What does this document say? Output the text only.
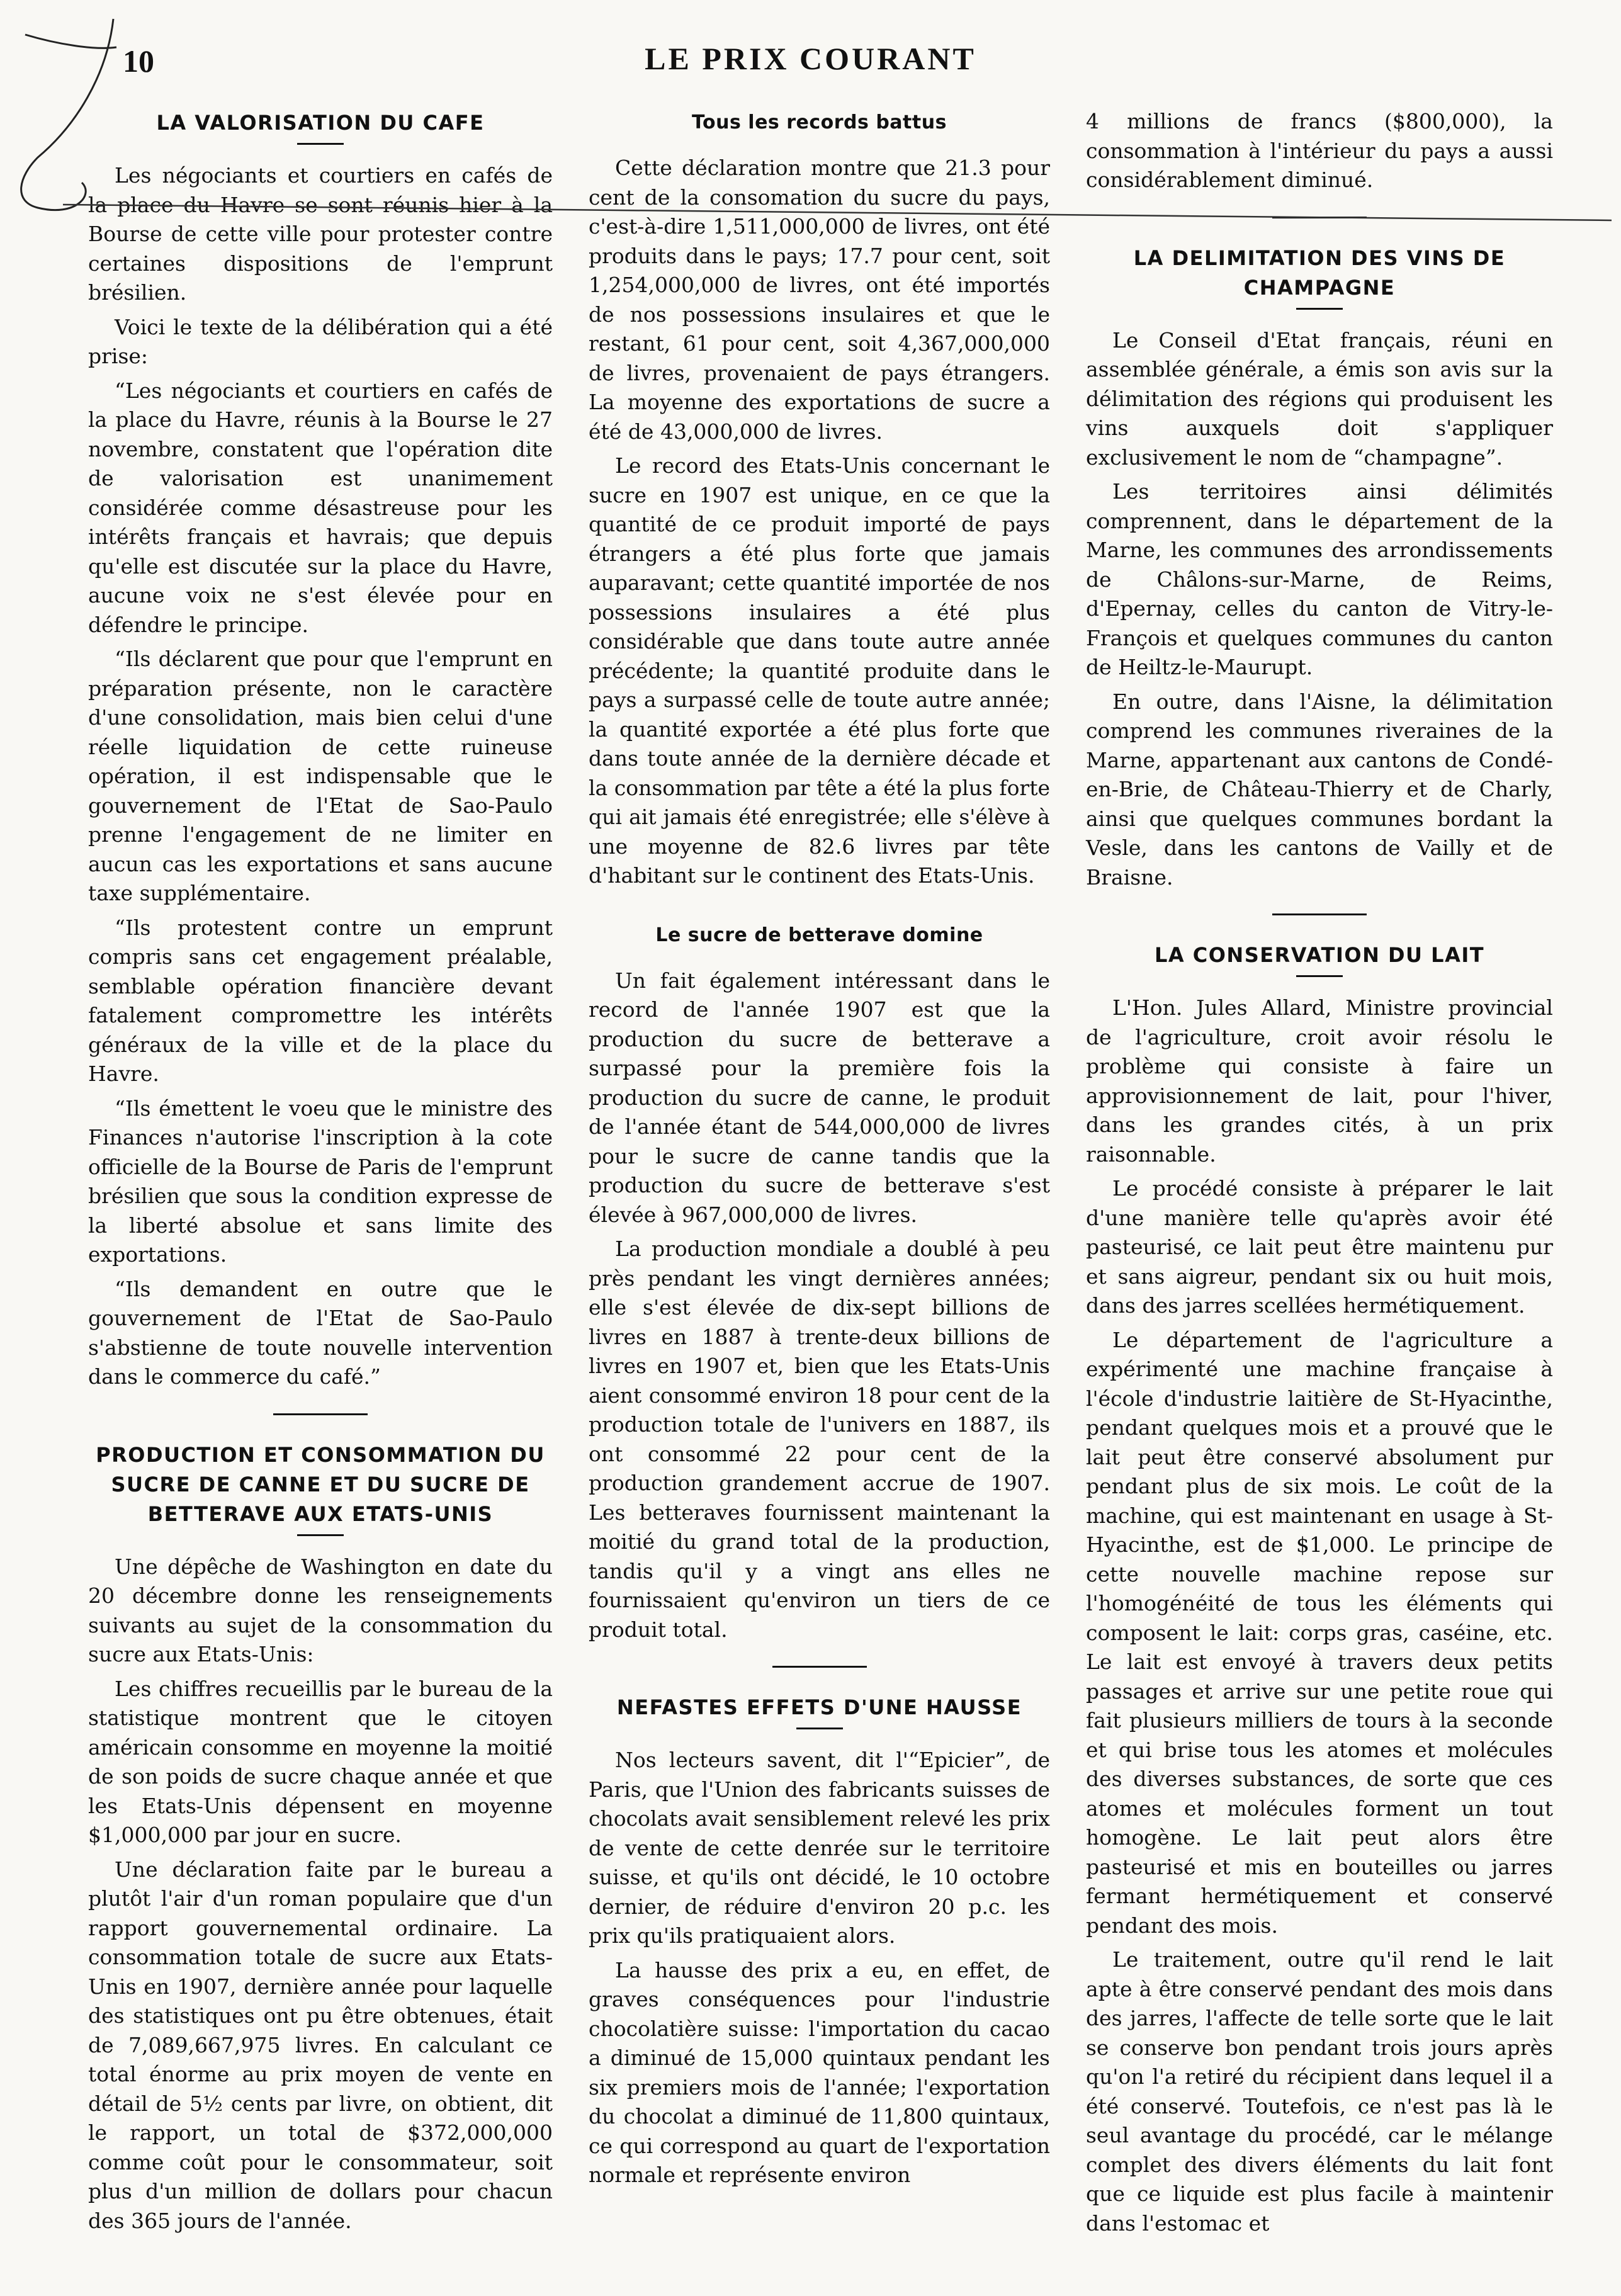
10	LE PRIX COURANT
LA VALORISATION DU CAFE

Les négociants et courtiers en cafés de la place du Havre se sont réunis hier à la Bourse de cette ville pour protester contre certaines dispositions de l'emprunt brésilien.

Voici le texte de la délibération qui a été prise:

“Les négociants et courtiers en cafés de la place du Havre, réunis à la Bourse le 27 novembre, constatent que l'opération dite de valorisation est unanimement considérée comme désastreuse pour les intérêts français et havrais; que depuis qu'elle est discutée sur la place du Havre, aucune voix ne s'est élevée pour en défendre le principe.

“Ils déclarent que pour que l'emprunt en préparation présente, non le caractère d'une consolidation, mais bien celui d'une réelle liquidation de cette ruineuse opération, il est indispensable que le gouvernement de l'Etat de Sao-Paulo prenne l'engagement de ne limiter en aucun cas les exportations et sans aucune taxe supplémentaire.

“Ils protestent contre un emprunt compris sans cet engagement préalable, semblable opération financière devant fatalement compromettre les intérêts généraux de la ville et de la place du Havre.

“Ils émettent le voeu que le ministre des Finances n'autorise l'inscription à la cote officielle de la Bourse de Paris de l'emprunt brésilien que sous la condition expresse de la liberté absolue et sans limite des exportations.

“Ils demandent en outre que le gouvernement de l'Etat de Sao-Paulo s'abstienne de toute nouvelle intervention dans le commerce du café.”

PRODUCTION ET CONSOMMATION DU SUCRE DE CANNE ET DU SUCRE DE BETTERAVE AUX ETATS-UNIS

Une dépêche de Washington en date du 20 décembre donne les renseignements suivants au sujet de la consommation du sucre aux Etats-Unis:

Les chiffres recueillis par le bureau de la statistique montrent que le citoyen américain consomme en moyenne la moitié de son poids de sucre chaque année et que les Etats-Unis dépensent en moyenne $1,000,000 par jour en sucre.

Une déclaration faite par le bureau a plutôt l'air d'un roman populaire que d'un rapport gouvernemental ordinaire. La consommation totale de sucre aux Etats-Unis en 1907, dernière année pour laquelle des statistiques ont pu être obtenues, était de 7,089,667,975 livres. En calculant ce total énorme au prix moyen de vente en détail de 5½ cents par livre, on obtient, dit le rapport, un total de $372,000,000 comme coût pour le consommateur, soit plus d'un million de dollars pour chacun des 365 jours de l'année.

Tous les records battus

Cette déclaration montre que 21.3 pour cent de la consomation du sucre du pays, c'est-à-dire 1,511,000,000 de livres, ont été produits dans le pays; 17.7 pour cent, soit 1,254,000,000 de livres, ont été importés de nos possessions insulaires et que le restant, 61 pour cent, soit 4,367,000,000 de livres, provenaient de pays étrangers. La moyenne des exportations de sucre a été de 43,000,000 de livres.

Le record des Etats-Unis concernant le sucre en 1907 est unique, en ce que la quantité de ce produit importé de pays étrangers a été plus forte que jamais auparavant; cette quantité importée de nos possessions insulaires a été plus considérable que dans toute autre année précédente; la quantité produite dans le pays a surpassé celle de toute autre année; la quantité exportée a été plus forte que dans toute année de la dernière décade et la consommation par tête a été la plus forte qui ait jamais été enregistrée; elle s'élève à une moyenne de 82.6 livres par tête d'habitant sur le continent des Etats-Unis.

Le sucre de betterave domine

Un fait également intéressant dans le record de l'année 1907 est que la production du sucre de betterave a surpassé pour la première fois la production du sucre de canne, le produit de l'année étant de 544,000,000 de livres pour le sucre de canne tandis que la production du sucre de betterave s'est élevée à 967,000,000 de livres.

La production mondiale a doublé à peu près pendant les vingt dernières années; elle s'est élevée de dix-sept billions de livres en 1887 à trente-deux billions de livres en 1907 et, bien que les Etats-Unis aient consommé environ 18 pour cent de la production totale de l'univers en 1887, ils ont consommé 22 pour cent de la production grandement accrue de 1907. Les betteraves fournissent maintenant la moitié du grand total de la production, tandis qu'il y a vingt ans elles ne fournissaient qu'environ un tiers de ce produit total.

NEFASTES EFFETS D'UNE HAUSSE

Nos lecteurs savent, dit l'“Epicier”, de Paris, que l'Union des fabricants suisses de chocolats avait sensiblement relevé les prix de vente de cette denrée sur le territoire suisse, et qu'ils ont décidé, le 10 octobre dernier, de réduire d'environ 20 p.c. les prix qu'ils pratiquaient alors.

La hausse des prix a eu, en effet, de graves conséquences pour l'industrie chocolatière suisse: l'importation du cacao a diminué de 15,000 quintaux pendant les six premiers mois de l'année; l'exportation du chocolat a diminué de 11,800 quintaux, ce qui correspond au quart de l'exportation normale et représente environ

4 millions de francs ($800,000), la consommation à l'intérieur du pays a aussi considérablement diminué.

LA DELIMITATION DES VINS DE CHAMPAGNE

Le Conseil d'Etat français, réuni en assemblée générale, a émis son avis sur la délimitation des régions qui produisent les vins auxquels doit s'appliquer exclusivement le nom de “champagne”.

Les territoires ainsi délimités comprennent, dans le département de la Marne, les communes des arrondissements de Châlons-sur-Marne, de Reims, d'Epernay, celles du canton de Vitry-le-François et quelques communes du canton de Heiltz-le-Maurupt.

En outre, dans l'Aisne, la délimitation comprend les communes riveraines de la Marne, appartenant aux cantons de Condé-en-Brie, de Château-Thierry et de Charly, ainsi que quelques communes bordant la Vesle, dans les cantons de Vailly et de Braisne.

LA CONSERVATION DU LAIT

L'Hon. Jules Allard, Ministre provincial de l'agriculture, croit avoir résolu le problème qui consiste à faire un approvisionnement de lait, pour l'hiver, dans les grandes cités, à un prix raisonnable.

Le procédé consiste à préparer le lait d'une manière telle qu'après avoir été pasteurisé, ce lait peut être maintenu pur et sans aigreur, pendant six ou huit mois, dans des jarres scellées hermétiquement.

Le département de l'agriculture a expérimenté une machine française à l'école d'industrie laitière de St-Hyacinthe, pendant quelques mois et a prouvé que le lait peut être conservé absolument pur pendant plus de six mois. Le coût de la machine, qui est maintenant en usage à St-Hyacinthe, est de $1,000. Le principe de cette nouvelle machine repose sur l'homogénéité de tous les éléments qui composent le lait: corps gras, caséine, etc. Le lait est envoyé à travers deux petits passages et arrive sur une petite roue qui fait plusieurs milliers de tours à la seconde et qui brise tous les atomes et molécules des diverses substances, de sorte que ces atomes et molécules forment un tout homogène. Le lait peut alors être pasteurisé et mis en bouteilles ou jarres fermant hermétiquement et conservé pendant des mois.

Le traitement, outre qu'il rend le lait apte à être conservé pendant des mois dans des jarres, l'affecte de telle sorte que le lait se conserve bon pendant trois jours après qu'on l'a retiré du récipient dans lequel il a été conservé. Toutefois, ce n'est pas là le seul avantage du procédé, car le mélange complet des divers éléments du lait font que ce liquide est plus facile à maintenir dans l'estomac et
